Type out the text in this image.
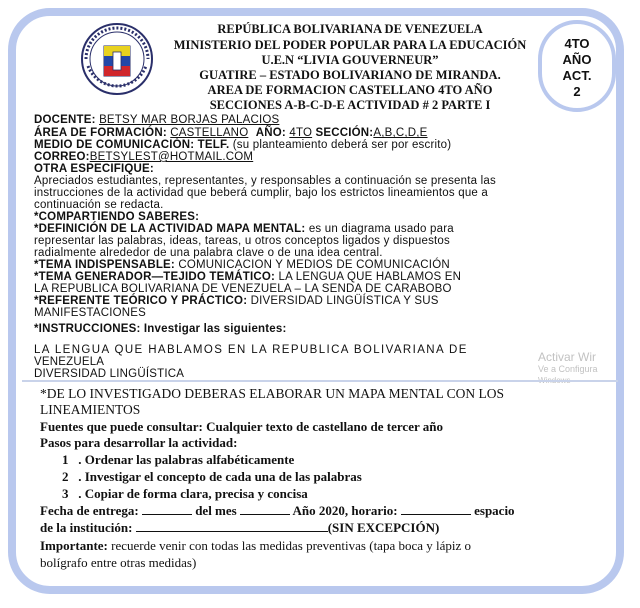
REPÚBLICA BOLIVARIANA DE VENEZUELA
MINISTERIO DEL PODER POPULAR PARA LA EDUCACIÓN
U.E.N “LIVIA GOUVERNEUR”
GUATIRE – ESTADO BOLIVARIANO DE MIRANDA.
AREA DE FORMACION CASTELLANO 4TO AÑO
SECCIONES A-B-C-D-E ACTIVIDAD # 2 PARTE I
4TO
AÑO
ACT.
2
DOCENTE: BETSY MAR BORJAS PALACIOS
ÁREA DE FORMACIÓN: CASTELLANO AÑO: 4TO SECCIÓN:A,B,C,D,E
MEDIO DE COMUNICACIÓN: TELF. (su planteamiento deberá ser por escrito)
CORREO:BETSYLEST@HOTMAIL.COM
OTRA ESPECIFIQUE:
Apreciados estudiantes, representantes, y responsables a continuación se presenta las
instrucciones de la actividad que beberá cumplir, bajo los estrictos lineamientos que a
continuación se redacta.
*COMPARTIENDO SABERES:
*DEFINICIÓN DE LA ACTIVIDAD MAPA MENTAL: es un diagrama usado para
representar las palabras, ideas, tareas, u otros conceptos ligados y dispuestos
radialmente alrededor de una palabra clave o de una idea central.
*TEMA INDISPENSABLE: COMUNICACION Y MEDIOS DE COMUNICACIÓN
*TEMA GENERADOR—TEJIDO TEMÁTICO: LA LENGUA QUE HABLAMOS EN
LA REPUBLICA BOLIVARIANA DE VENEZUELA – LA SENDA DE CARABOBO
*REFERENTE TEÓRICO Y PRÁCTICO: DIVERSIDAD LINGÜÍSTICA Y SUS
MANIFESTACIONES
*INSTRUCCIONES: Investigar las siguientes:
LA LENGUA QUE HABLAMOS EN LA REPUBLICA BOLIVARIANA DE
VENEZUELA
DIVERSIDAD LINGÜÍSTICA
Activar Wir
Ve a Configura
*DE LO INVESTIGADO DEBERAS ELABORAR UN MAPA MENTAL CON LOS
LINEAMIENTOS
Fuentes que puede consultar: Cualquier texto de castellano de tercer año
Pasos para desarrollar la actividad:
1 . Ordenar las palabras alfabéticamente
2 . Investigar el concepto de cada una de las palabras
3 . Copiar de forma clara, precisa y concisa
Fecha de entrega:	del mes	Año 2020, horario:	espacio
de la institución:	(SIN EXCEPCIÓN)
Importante: recuerde venir con todas las medidas preventivas (tapa boca y lápiz o
bolígrafo entre otras medidas)
